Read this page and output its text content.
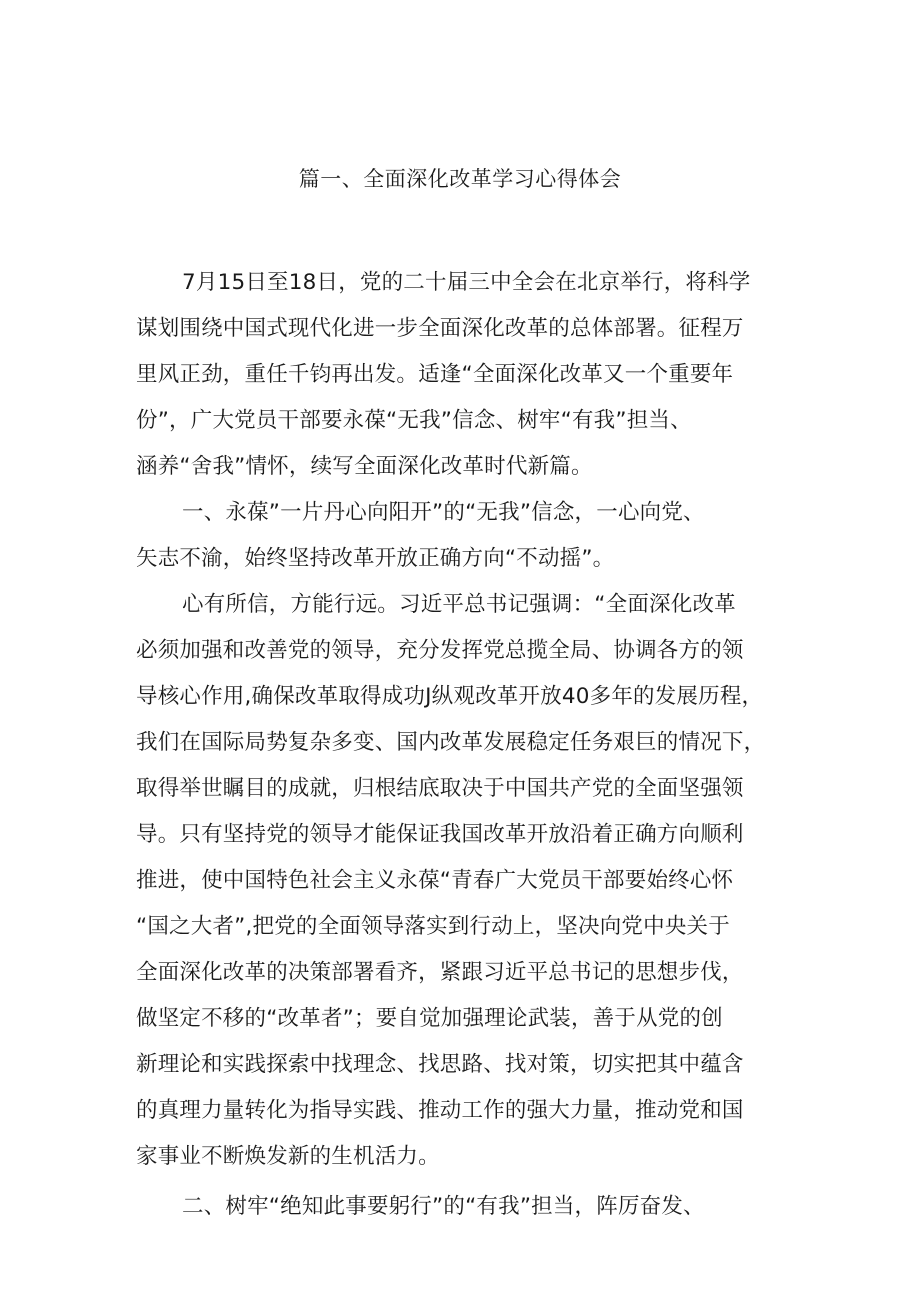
篇一、全面深化改革学习心得体会
7月15日至18日，党的二十届三中全会在北京举行，将科学
谋划围绕中国式现代化进一步全面深化改革的总体部署。征程万
里风正劲，重任千钧再出发。适逢“全面深化改革又一个重要年
份”，广大党员干部要永葆“无我”信念、树牢“有我”担当、
涵养“舍我”情怀，续写全面深化改革时代新篇。
一、永葆”一片丹心向阳开”的“无我”信念，一心向党、
矢志不渝，始终坚持改革开放正确方向“不动摇”。
心有所信，方能行远。习近平总书记强调：“全面深化改革
必须加强和改善党的领导，充分发挥党总揽全局、协调各方的领
导核心作用,确保改革取得成功J纵观改革开放40多年的发展历程，
我们在国际局势复杂多变、国内改革发展稳定任务艰巨的情况下，
取得举世瞩目的成就，归根结底取决于中国共产党的全面坚强领
导。只有坚持党的领导才能保证我国改革开放沿着正确方向顺利
推进，使中国特色社会主义永葆“青春广大党员干部要始终心怀
“国之大者”,把党的全面领导落实到行动上，坚决向党中央关于
全面深化改革的决策部署看齐，紧跟习近平总书记的思想步伐，
做坚定不移的“改革者”；要自觉加强理论武装，善于从党的创
新理论和实践探索中找理念、找思路、找对策，切实把其中蕴含
的真理力量转化为指导实践、推动工作的强大力量，推动党和国
家事业不断焕发新的生机活力。
二、树牢“绝知此事要躬行”的“有我”担当，阵厉奋发、
